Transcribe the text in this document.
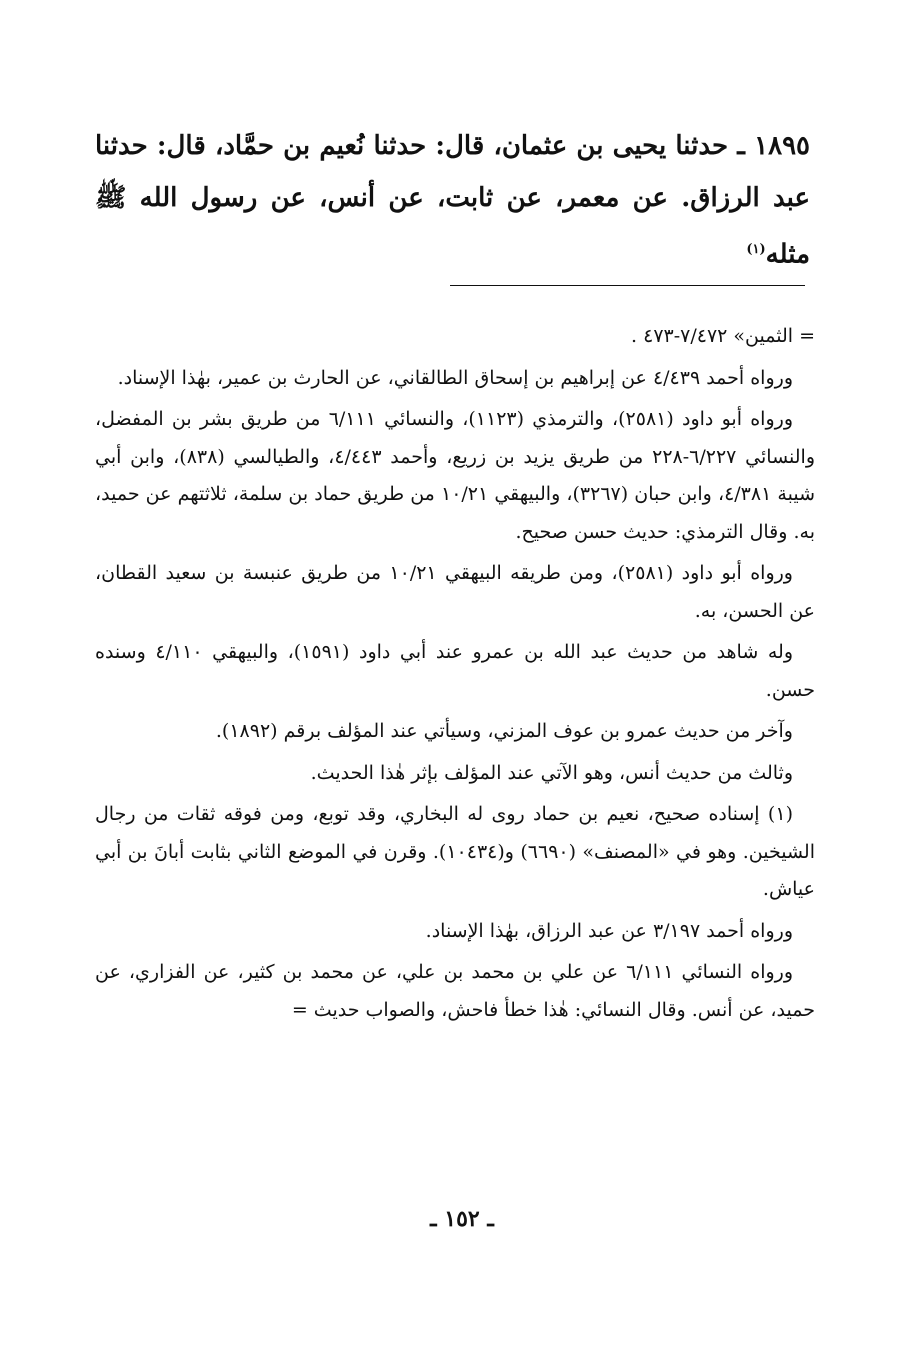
١٨٩٥ ـ حدثنا يحيى بن عثمان، قال: حدثنا نُعيم بن حمَّاد، قال: حدثنا عبد الرزاق. عن معمر، عن ثابت، عن أنس، عن رسول الله ﷺ مثله$^{(١)}$

= الثمين» ٧/٤٧٢-٤٧٣ .

ورواه أحمد ٤/٤٣٩ عن إبراهيم بن إسحاق الطالقاني، عن الحارث بن عمير، بهٰذا الإسناد.

ورواه أبو داود (٢٥٨١)، والترمذي (١١٢٣)، والنسائي ٦/١١١ من طريق بشر بن المفضل، والنسائي ٦/٢٢٧-٢٢٨ من طريق يزيد بن زريع، وأحمد ٤/٤٤٣، والطيالسي (٨٣٨)، وابن أبي شيبة ٤/٣٨١، وابن حبان (٣٢٦٧)، والبيهقي ١٠/٢١ من طريق حماد بن سلمة، ثلاثتهم عن حميد، به. وقال الترمذي: حديث حسن صحيح.

ورواه أبو داود (٢٥٨١)، ومن طريقه البيهقي ١٠/٢١ من طريق عنبسة بن سعيد القطان، عن الحسن، به.

وله شاهد من حديث عبد الله بن عمرو عند أبي داود (١٥٩١)، والبيهقي ٤/١١٠ وسنده حسن.

وآخر من حديث عمرو بن عوف المزني، وسيأتي عند المؤلف برقم (١٨٩٢).

وثالث من حديث أنس، وهو الآتي عند المؤلف بإثر هٰذا الحديث.

(١) إسناده صحيح، نعيم بن حماد روى له البخاري، وقد توبع، ومن فوقه ثقات من رجال الشيخين. وهو في «المصنف» (٦٦٩٠) و(١٠٤٣٤). وقرن في الموضع الثاني بثابت أبانَ بن أبي عياش.

ورواه أحمد ٣/١٩٧ عن عبد الرزاق، بهٰذا الإسناد.

ورواه النسائي ٦/١١١ عن علي بن محمد بن علي، عن محمد بن كثير، عن الفزاري، عن حميد، عن أنس. وقال النسائي: هٰذا خطأ فاحش، والصواب حديث =

ـ ١٥٢ ـ
